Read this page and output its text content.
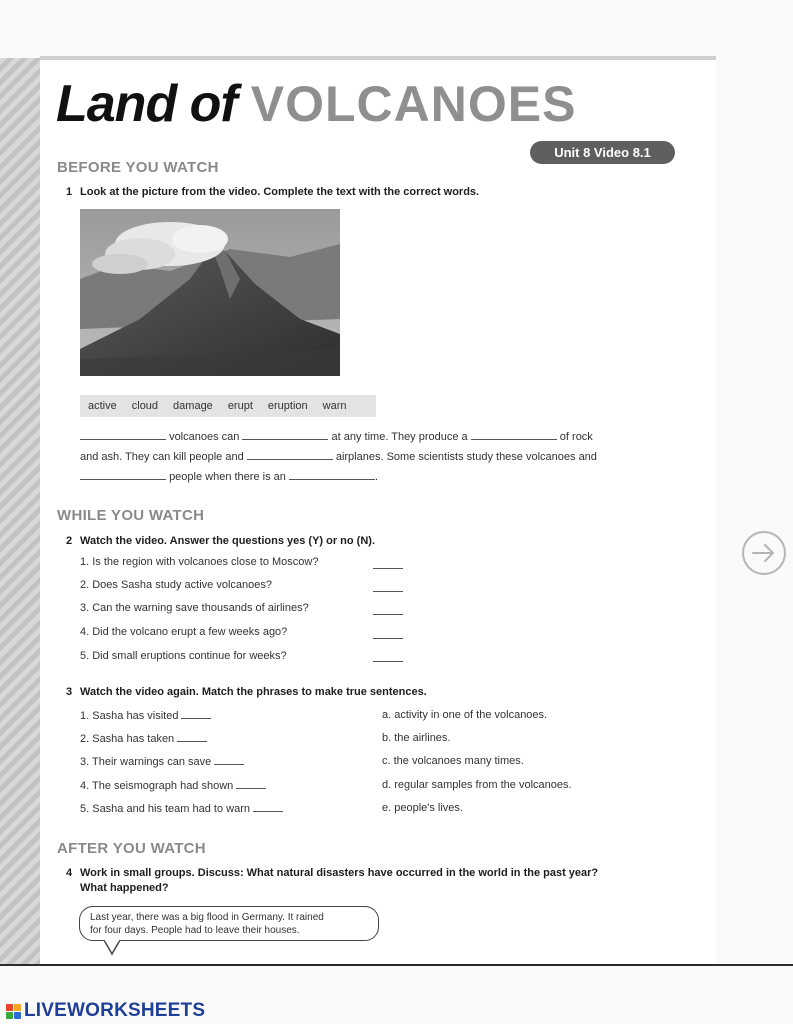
Land of VOLCANOES
Unit 8 Video 8.1
BEFORE YOU WATCH
1 Look at the picture from the video. Complete the text with the correct words.
active cloud damage erupt eruption warn
volcanoes can	at any time. They produce a	of rock
and ash. They can kill people and	airplanes. Some scientists study these volcanoes and
people when there is an	.
WHILE YOU WATCH
2 Watch the video. Answer the questions yes (Y) or no (N).
1. Is the region with volcanoes close to Moscow?
2. Does Sasha study active volcanoes?
3. Can the warning save thousands of airlines?
4. Did the volcano erupt a few weeks ago?
5. Did small eruptions continue for weeks?
3 Watch the video again. Match the phrases to make true sentences.
1. Sasha has visited
2. Sasha has taken
3. Their warnings can save
4. The seismograph had shown
5. Sasha and his team had to warn
a. activity in one of the volcanoes.
b. the airlines.
c. the volcanoes many times.
d. regular samples from the volcanoes.
e. people's lives.
AFTER YOU WATCH
4 Work in small groups. Discuss: What natural disasters have occurred in the world in the past year?
What happened?
Last year, there was a big flood in Germany. It rained
for four days. People had to leave their houses.
LIVEWORKSHEETS
